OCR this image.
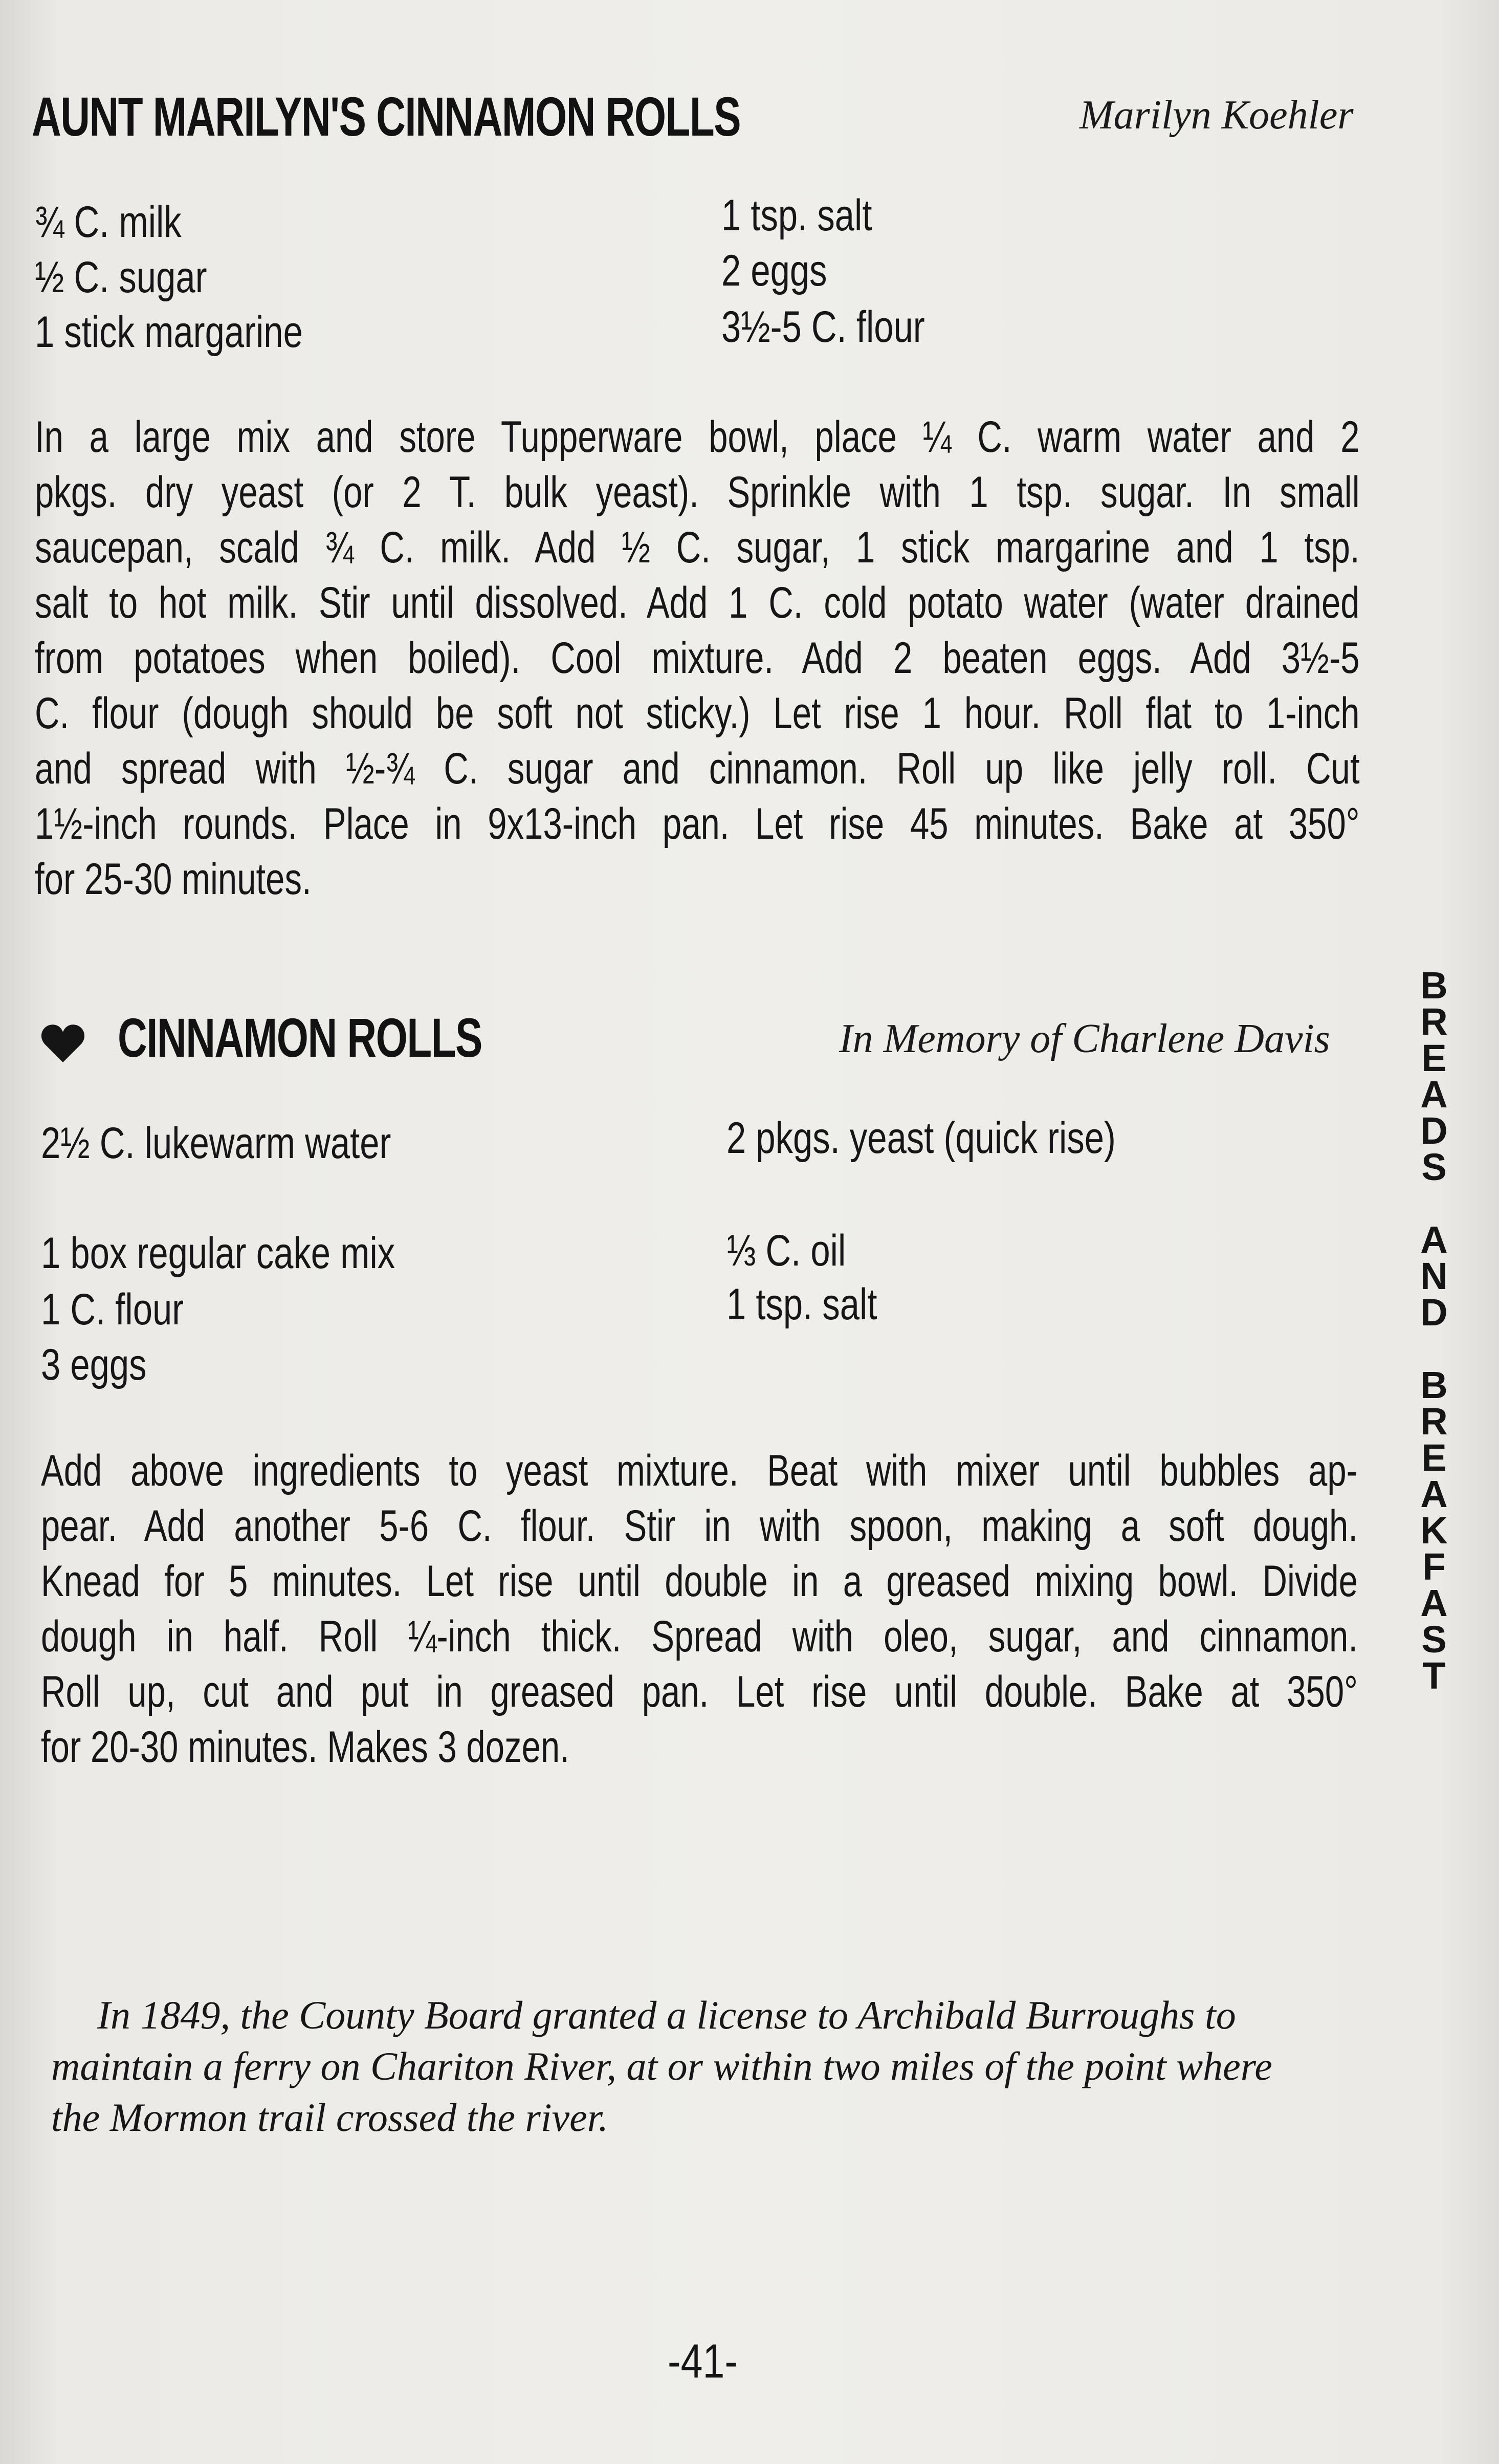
AUNT MARILYN'S CINNAMON ROLLS	Marilyn Koehler
¾ C. milk
½ C. sugar
1 stick margarine
1 tsp. salt
2 eggs
3½-5 C. flour
In a large mix and store Tupperware bowl, place ¼ C. warm water and 2
pkgs. dry yeast (or 2 T. bulk yeast). Sprinkle with 1 tsp. sugar. In small
saucepan, scald ¾ C. milk. Add ½ C. sugar, 1 stick margarine and 1 tsp.
salt to hot milk. Stir until dissolved. Add 1 C. cold potato water (water drained
from potatoes when boiled). Cool mixture. Add 2 beaten eggs. Add 3½-5
C. flour (dough should be soft not sticky.) Let rise 1 hour. Roll flat to 1-inch
and spread with ½-¾ C. sugar and cinnamon. Roll up like jelly roll. Cut
1½-inch rounds. Place in 9x13-inch pan. Let rise 45 minutes. Bake at 350°
for 25-30 minutes.
CINNAMON ROLLS	In Memory of Charlene Davis
2½ C. lukewarm water
1 box regular cake mix
1 C. flour
3 eggs
2 pkgs. yeast (quick rise)
⅓ C. oil
1 tsp. salt
Add above ingredients to yeast mixture. Beat with mixer until bubbles ap-
pear. Add another 5-6 C. flour. Stir in with spoon, making a soft dough.
Knead for 5 minutes. Let rise until double in a greased mixing bowl. Divide
dough in half. Roll ¼-inch thick. Spread with oleo, sugar, and cinnamon.
Roll up, cut and put in greased pan. Let rise until double. Bake at 350°
for 20-30 minutes. Makes 3 dozen.
B
R
E
A
D
S
A
N
D
B
R
E
A
K
F
A
S
T
In 1849, the County Board granted a license to Archibald Burroughs to
maintain a ferry on Chariton River, at or within two miles of the point where
the Mormon trail crossed the river.
-41-
